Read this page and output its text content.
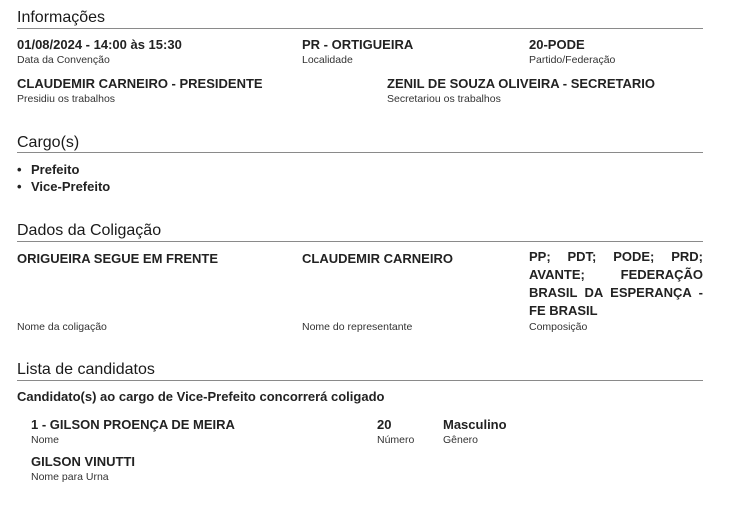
Informações
01/08/2024 - 14:00 às 15:30
Data da Convenção
PR - ORTIGUEIRA
Localidade
20-PODE
Partido/Federação
CLAUDEMIR CARNEIRO - PRESIDENTE
Presidiu os trabalhos
ZENIL DE SOUZA OLIVEIRA - SECRETARIO
Secretariou os trabalhos
Cargo(s)
• Prefeito
• Vice-Prefeito
Dados da Coligação
ORIGUEIRA SEGUE EM FRENTE	CLAUDEMIR CARNEIRO	PP; PDT; PODE; PRD; AVANTE; FEDERAÇÃO BRASIL DA ESPERANÇA - FE BRASIL
Nome da coligação	Nome do representante	Composição
Lista de candidatos
Candidato(s) ao cargo de Vice-Prefeito concorrerá coligado
1 - GILSON PROENÇA DE MEIRA
Nome
20
Número
Masculino
Gênero
GILSON VINUTTI
Nome para Urna
